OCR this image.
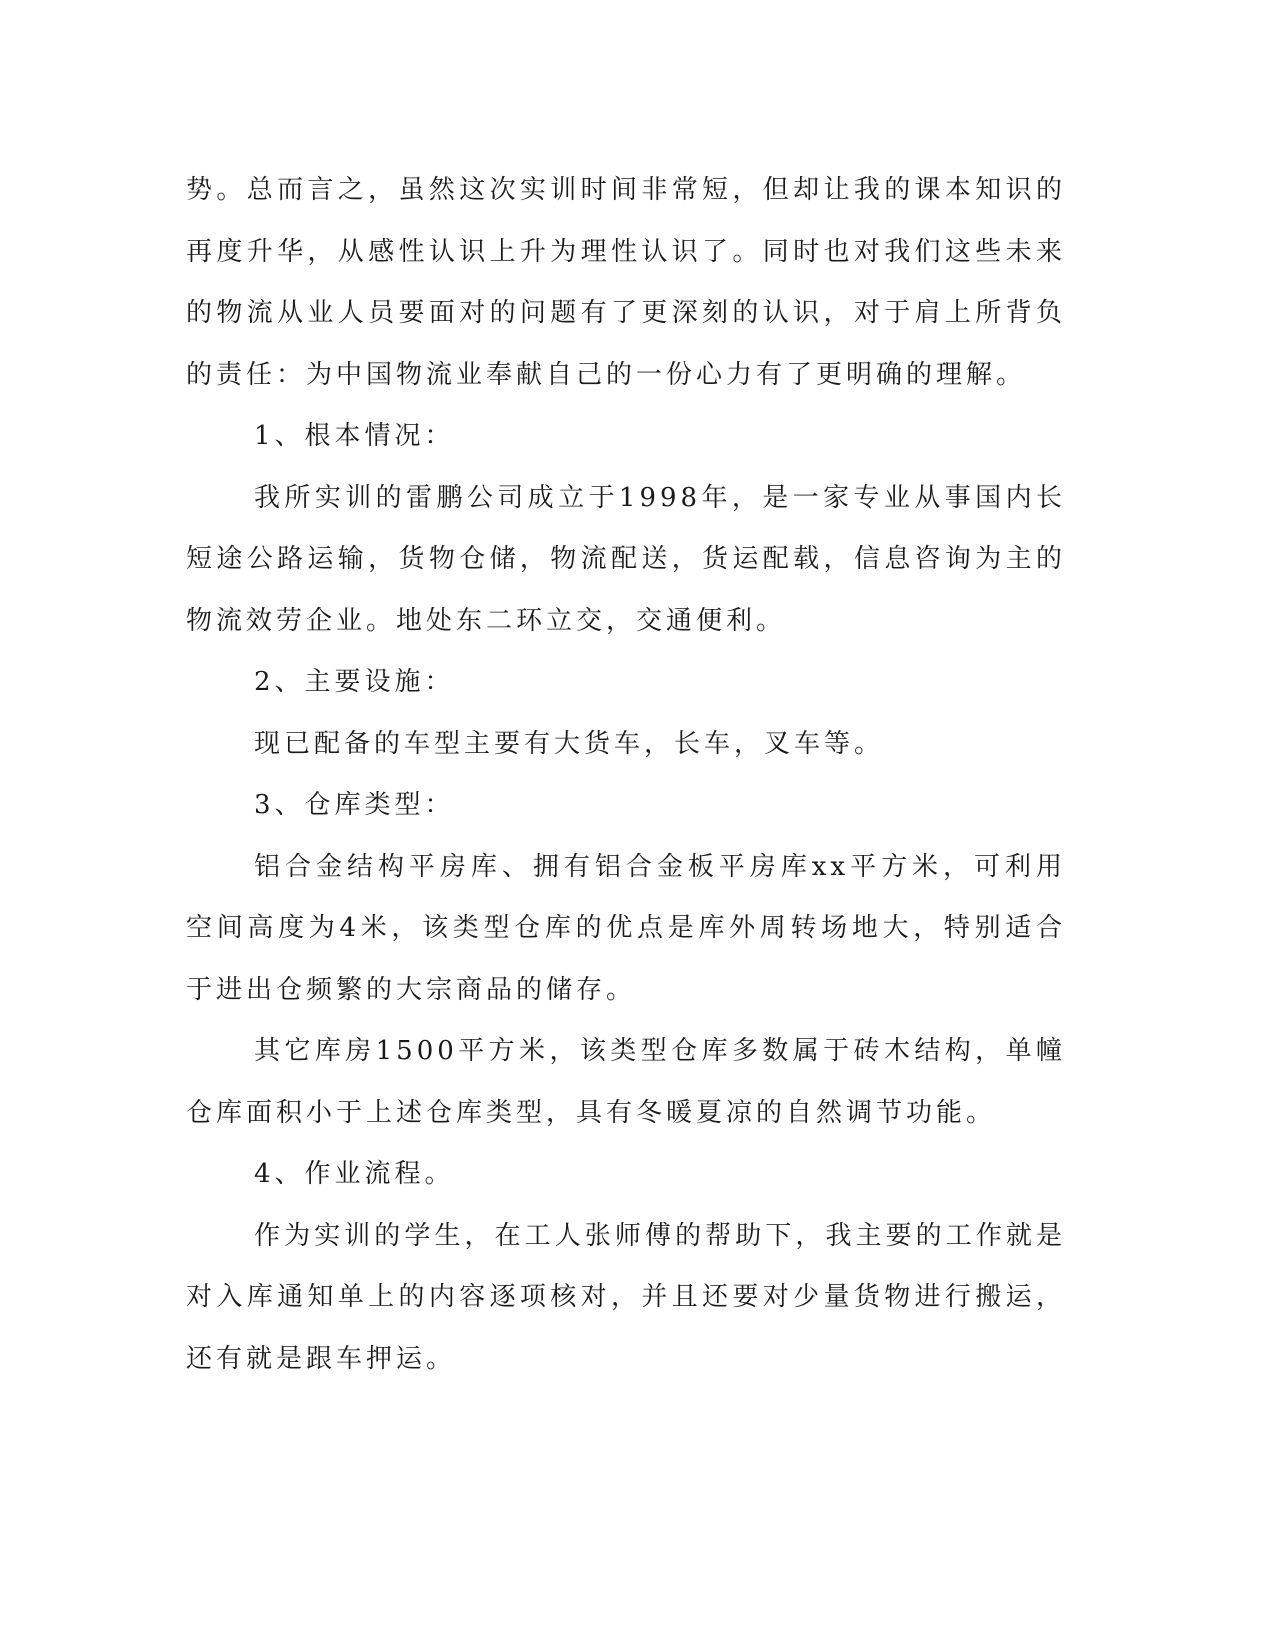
势。总而言之，虽然这次实训时间非常短，但却让我的课本知识的再度升华，从感性认识上升为理性认识了。同时也对我们这些未来的物流从业人员要面对的问题有了更深刻的认识，对于肩上所背负的责任：为中国物流业奉献自己的一份心力有了更明确的理解。

1、根本情况：

我所实训的雷鹏公司成立于1998年，是一家专业从事国内长短途公路运输，货物仓储，物流配送，货运配载，信息咨询为主的物流效劳企业。地处东二环立交，交通便利。

2、主要设施：

现已配备的车型主要有大货车，长车，叉车等。

3、仓库类型：

铝合金结构平房库、拥有铝合金板平房库xx平方米，可利用空间高度为4米，该类型仓库的优点是库外周转场地大，特别适合于进出仓频繁的大宗商品的储存。

其它库房1500平方米，该类型仓库多数属于砖木结构，单幢仓库面积小于上述仓库类型，具有冬暖夏凉的自然调节功能。

4、作业流程。

作为实训的学生，在工人张师傅的帮助下，我主要的工作就是对入库通知单上的内容逐项核对，并且还要对少量货物进行搬运，还有就是跟车押运。
